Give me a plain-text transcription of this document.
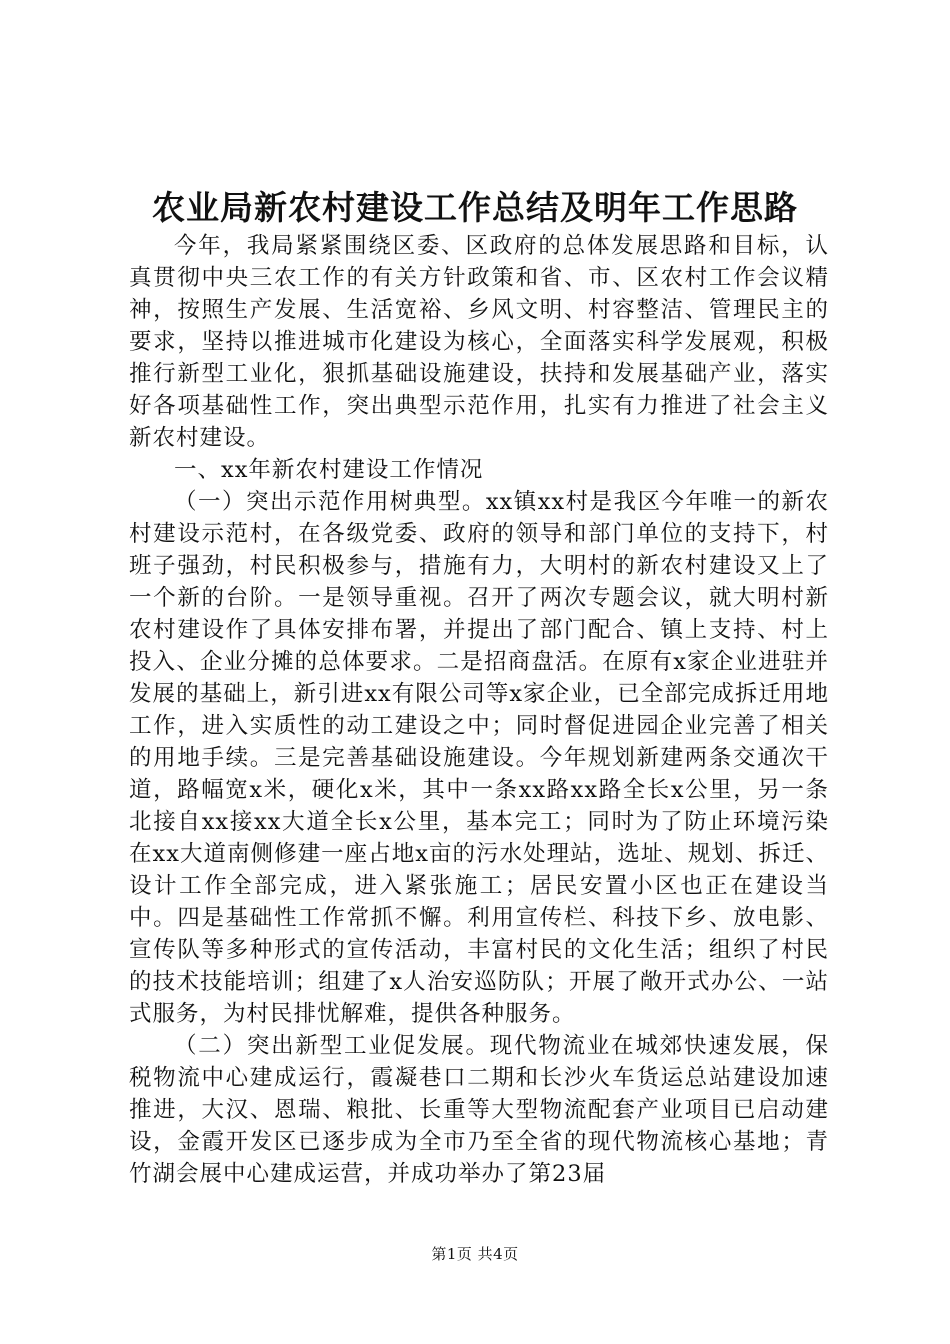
农业局新农村建设工作总结及明年工作思路

今年，我局紧紧围绕区委、区政府的总体发展思路和目标，认真贯彻中央三农工作的有关方针政策和省、市、区农村工作会议精神，按照生产发展、生活宽裕、乡风文明、村容整洁、管理民主的要求，坚持以推进城市化建设为核心，全面落实科学发展观，积极推行新型工业化，狠抓基础设施建设，扶持和发展基础产业，落实好各项基础性工作，突出典型示范作用，扎实有力推进了社会主义新农村建设。

一、xx年新农村建设工作情况

（一）突出示范作用树典型。xx镇xx村是我区今年唯一的新农村建设示范村，在各级党委、政府的领导和部门单位的支持下，村班子强劲，村民积极参与，措施有力，大明村的新农村建设又上了一个新的台阶。一是领导重视。召开了两次专题会议，就大明村新农村建设作了具体安排布署，并提出了部门配合、镇上支持、村上投入、企业分摊的总体要求。二是招商盘活。在原有x家企业进驻并发展的基础上，新引进xx有限公司等x家企业，已全部完成拆迁用地工作，进入实质性的动工建设之中；同时督促进园企业完善了相关的用地手续。三是完善基础设施建设。今年规划新建两条交通次干道，路幅宽x米，硬化x米，其中一条xx路xx路全长x公里，另一条北接自xx接xx大道全长x公里，基本完工；同时为了防止环境污染在xx大道南侧修建一座占地x亩的污水处理站，选址、规划、拆迁、设计工作全部完成，进入紧张施工；居民安置小区也正在建设当中。四是基础性工作常抓不懈。利用宣传栏、科技下乡、放电影、宣传队等多种形式的宣传活动，丰富村民的文化生活；组织了村民的技术技能培训；组建了x人治安巡防队；开展了敞开式办公、一站式服务，为村民排忧解难，提供各种服务。

（二）突出新型工业促发展。现代物流业在城郊快速发展，保税物流中心建成运行，霞凝巷口二期和长沙火车货运总站建设加速推进，大汉、恩瑞、粮批、长重等大型物流配套产业项目已启动建设，金霞开发区已逐步成为全市乃至全省的现代物流核心基地；青竹湖会展中心建成运营，并成功举办了第23届

第1页 共4页
